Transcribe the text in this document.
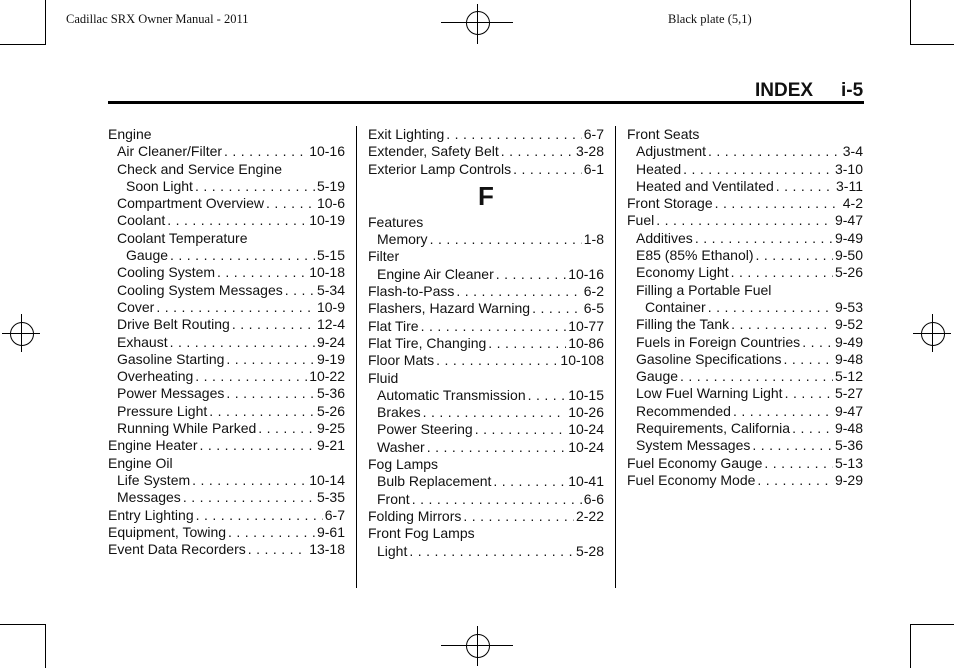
Cadillac SRX Owner Manual - 2011	Black plate (5,1)
INDEX i-5
Engine
Air Cleaner/Filter . . .	10-16
Check and Service Engine
Soon Light . . .	5-19
Compartment Overview . . .	10-6
Coolant . . .	10-19
Coolant Temperature
Gauge . . .	5-15
Cooling System . . .	10-18
Cooling System Messages . . . 5-34
Cover . . .	10-9
Drive Belt Routing . . .	12-4
Exhaust . . .	9-24
Gasoline Starting . . .	9-19
Overheating . . .	10-22
Power Messages . . .	5-36
Pressure Light . . .	5-26
Running While Parked . . .	9-25
Engine Heater . . .	9-21
Engine Oil
Life System . . .	10-14
Messages . . .	5-35
Entry Lighting . . .	6-7
Equipment, Towing . . .	9-61
Event Data Recorders . . .	13-18
Exit Lighting . . .	6-7
Extender, Safety Belt . . .	3-28
Exterior Lamp Controls . . .	6-1
F
Features
Memory . . .	1-8
Filter
Engine Air Cleaner . . .	10-16
Flash-to-Pass . . .	6-2
Flashers, Hazard Warning . . .	6-5
Flat Tire . . .	10-77
Flat Tire, Changing . . .	10-86
Floor Mats . . .	10-108
Fluid
Automatic Transmission . . .	10-15
Brakes . . .	10-26
Power Steering . . .	10-24
Washer . . .	10-24
Fog Lamps
Bulb Replacement . . .	10-41
Front . . .	6-6
Folding Mirrors . . .	2-22
Front Fog Lamps
Light . . .	5-28
Front Seats
Adjustment . . .	3-4
Heated . . .	3-10
Heated and Ventilated . . .	3-11
Front Storage . . .	4-2
Fuel . . .	9-47
Additives . . .	9-49
E85 (85% Ethanol) . . .	9-50
Economy Light . . .	5-26
Filling a Portable Fuel
Container . . .	9-53
Filling the Tank . . .	9-52
Fuels in Foreign Countries . . . 9-49
Gasoline Specifications . . .	9-48
Gauge . . .	5-12
Low Fuel Warning Light . . .	5-27
Recommended . . .	9-47
Requirements, California . . .	9-48
System Messages . . .	5-36
Fuel Economy Gauge . . .	5-13
Fuel Economy Mode . . .	9-29
